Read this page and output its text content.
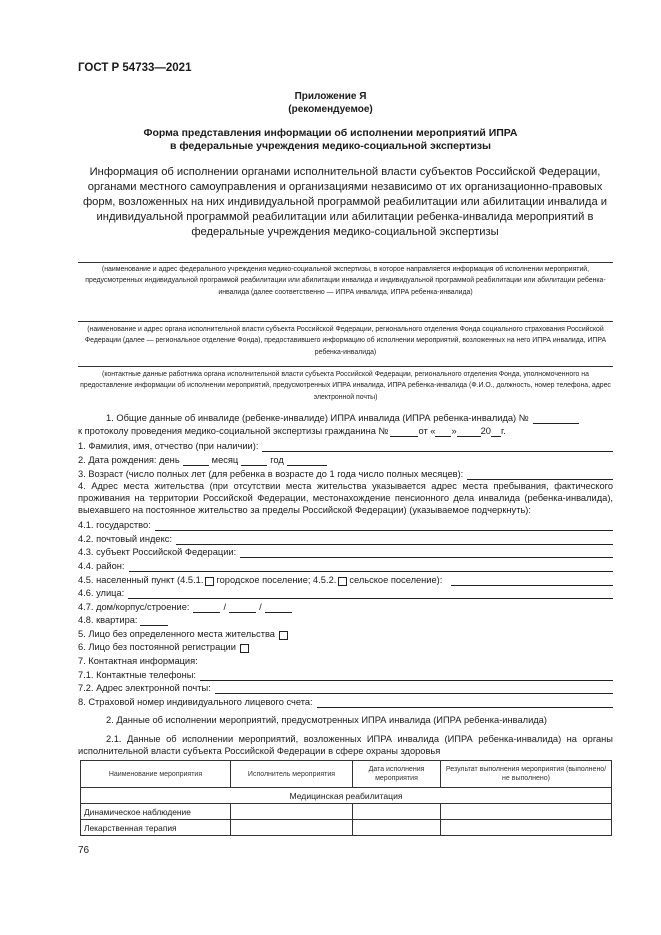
ГОСТ Р 54733—2021
Приложение Я
(рекомендуемое)
Форма представления информации об исполнении мероприятий ИПРА
в федеральные учреждения медико-социальной экспертизы
Информация об исполнении органами исполнительной власти субъектов Российской Федерации, органами местного самоуправления и организациями независимо от их организационно-правовых форм, возложенных на них индивидуальной программой реабилитации или абилитации инвалида и индивидуальной программой реабилитации или абилитации ребенка-инвалида мероприятий в федеральные учреждения медико-социальной экспертизы
(наименование и адрес федерального учреждения медико-социальной экспертизы, в которое направляется информация об исполнении мероприятий, предусмотренных индивидуальной программой реабилитации или абилитации инвалида и индивидуальной программой реабилитации или абилитации ребенка-инвалида (далее соответственно — ИПРА инвалида, ИПРА ребенка-инвалида)
(наименование и адрес органа исполнительной власти субъекта Российской Федерации, регионального отделения Фонда социального страхования Российской Федерации (далее — региональное отделение Фонда), предоставившего информацию об исполнении мероприятий, возложенных на него ИПРА инвалида, ИПРА ребенка-инвалида)
(контактные данные работника органа исполнительной власти субъекта Российской Федерации, регионального отделения Фонда, уполномоченного на предоставление информации об исполнении мероприятий, предусмотренных ИПРА инвалида, ИПРА ребенка-инвалида (Ф.И.О., должность, номер телефона, адрес электронной почты)
1. Общие данные об инвалиде (ребенке-инвалиде) ИПРА инвалида (ИПРА ребенка-инвалида) №
к протоколу проведения медико-социальной экспертизы гражданина №	от « »	20 г.
1. Фамилия, имя, отчество (при наличии):
2. Дата рождения: день	месяц	год
3. Возраст (число полных лет (для ребенка в возрасте до 1 года число полных месяцев):
4. Адрес места жительства (при отсутствии места жительства указывается адрес места пребывания, фактического проживания на территории Российской Федерации, местонахождение пенсионного дела инвалида (ребенка-инвалида), выехавшего на постоянное жительство за пределы Российской Федерации) (указываемое подчеркнуть):
4.1. государство:
4.2. почтовый индекс:
4.3. субъект Российской Федерации:
4.4. район:
4.5. населенный пункт (4.5.1. городское поселение; 4.5.2. сельское поселение):
4.6. улица:
4.7. дом/корпус/строение:	/	/
4.8. квартира:
5. Лицо без определенного места жительства
6. Лицо без постоянной регистрации
7. Контактная информация:
7.1. Контактные телефоны:
7.2. Адрес электронной почты:
8. Страховой номер индивидуального лицевого счета:
2. Данные об исполнении мероприятий, предусмотренных ИПРА инвалида (ИПРА ребенка-инвалида)
2.1. Данные об исполнении мероприятий, возложенных ИПРА инвалида (ИПРА ребенка-инвалида) на органы исполнительной власти субъекта Российской Федерации в сфере охраны здоровья
Наименование мероприятия	Исполнитель мероприятия	Дата исполнения мероприятия	Результат выполнения мероприятия (выполнено/не выполнено)
Медицинская реабилитация			
Динамическое наблюдение			
Лекарственная терапия			
76
